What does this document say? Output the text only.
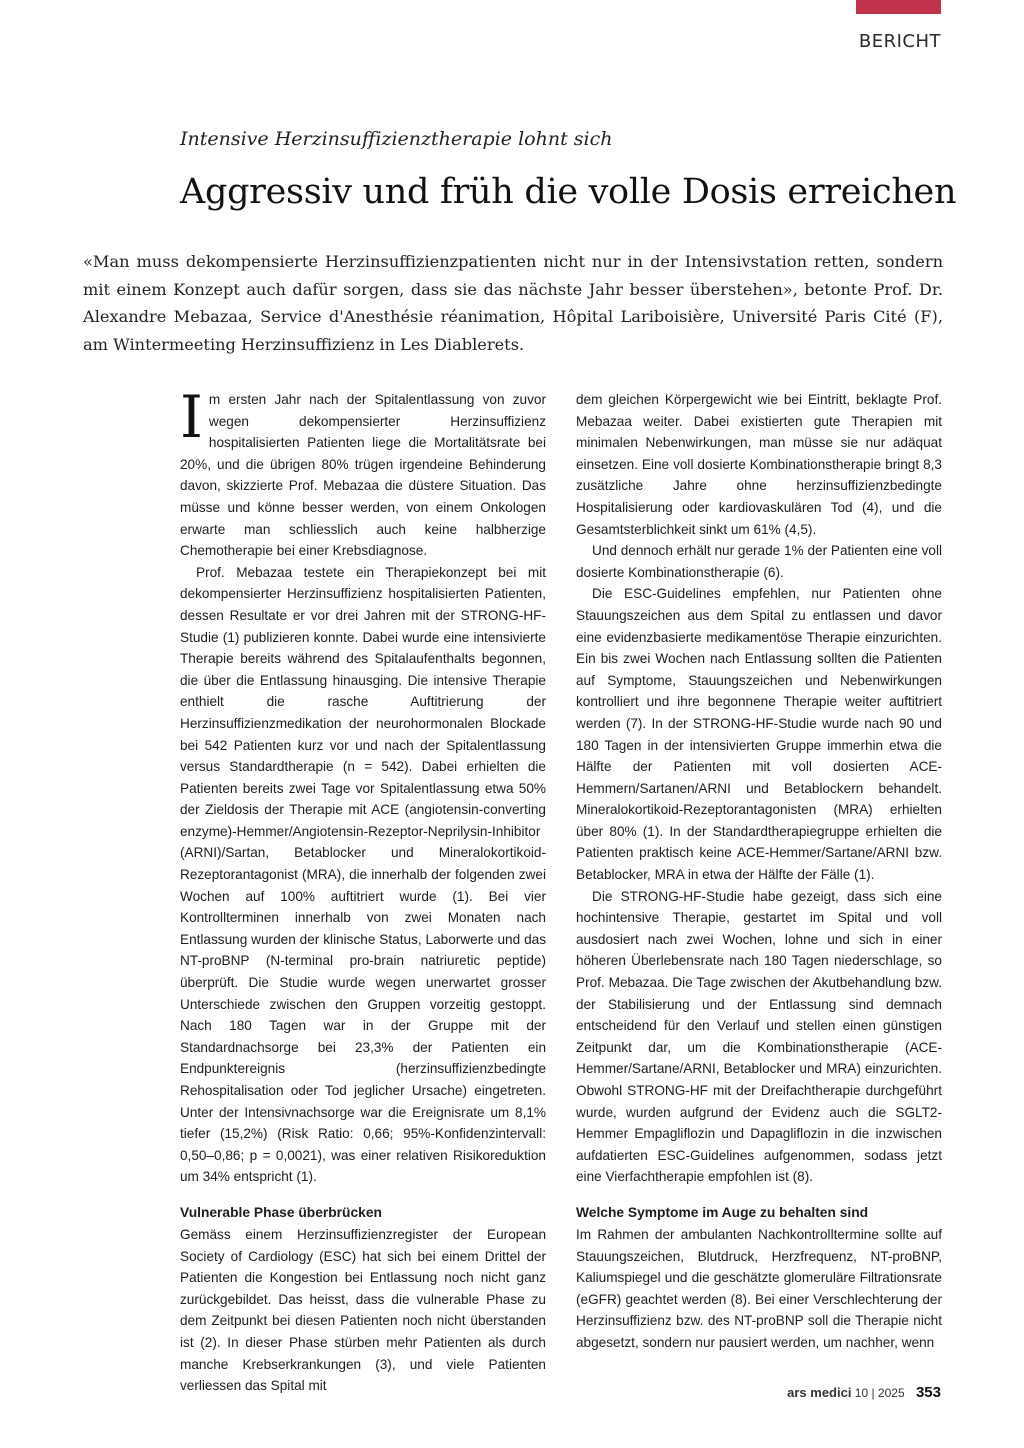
BERICHT
Intensive Herzinsuffizienztherapie lohnt sich
Aggressiv und früh die volle Dosis erreichen

«Man muss dekompensierte Herzinsuffizienzpatienten nicht nur in der Intensivstation retten, sondern mit einem Konzept auch dafür sorgen, dass sie das nächste Jahr besser überstehen», betonte Prof. Dr. Alexandre Mebazaa, Service d'Anesthésie réanimation, Hôpital Lariboisière, Université Paris Cité (F), am Wintermeeting Herzinsuffizienz in Les Diablerets.

Im ersten Jahr nach der Spitalentlassung von zuvor wegen dekompensierter Herzinsuffizienz hospitalisierten Patienten liege die Mortalitätsrate bei 20%, und die übrigen 80% trügen irgendeine Behinderung davon, skizzierte Prof. Mebazaa die düstere Situation. Das müsse und könne besser werden, von einem Onkologen erwarte man schliesslich auch keine halbherzige Chemotherapie bei einer Krebsdiagnose.

Prof. Mebazaa testete ein Therapiekonzept bei mit dekompensierter Herzinsuffizienz hospitalisierten Patienten, dessen Resultate er vor drei Jahren mit der STRONG-HF-Studie (1) publizieren konnte. Dabei wurde eine intensivierte Therapie bereits während des Spitalaufenthalts begonnen, die über die Entlassung hinausging. Die intensive Therapie enthielt die rasche Auftitrierung der Herzinsuffizienzmedikation der neurohormonalen Blockade bei 542 Patienten kurz vor und nach der Spitalentlassung versus Standardtherapie (n = 542). Dabei erhielten die Patienten bereits zwei Tage vor Spitalentlassung etwa 50% der Zieldosis der Therapie mit ACE (angiotensin-converting enzyme)-Hemmer/Angiotensin-Rezeptor-Neprilysin-Inhibitor (ARNI)/Sartan, Betablocker und Mineralokortikoid-Rezeptorantagonist (MRA), die innerhalb der folgenden zwei Wochen auf 100% auftitriert wurde (1). Bei vier Kontrollterminen innerhalb von zwei Monaten nach Entlassung wurden der klinische Status, Laborwerte und das NT-proBNP (N-terminal pro-brain natriuretic peptide) überprüft. Die Studie wurde wegen unerwartet grosser Unterschiede zwischen den Gruppen vorzeitig gestoppt. Nach 180 Tagen war in der Gruppe mit der Standardnachsorge bei 23,3% der Patienten ein Endpunktereignis (herzinsuffizienzbedingte Rehospitalisation oder Tod jeglicher Ursache) eingetreten. Unter der Intensivnachsorge war die Ereignisrate um 8,1% tiefer (15,2%) (Risk Ratio: 0,66; 95%-Konfidenzintervall: 0,50–0,86; p = 0,0021), was einer relativen Risikoreduktion um 34% entspricht (1).

Vulnerable Phase überbrücken

Gemäss einem Herzinsuffizienzregister der European Society of Cardiology (ESC) hat sich bei einem Drittel der Patienten die Kongestion bei Entlassung noch nicht ganz zurückgebildet. Das heisst, dass die vulnerable Phase zu dem Zeitpunkt bei diesen Patienten noch nicht überstanden ist (2). In dieser Phase stürben mehr Patienten als durch manche Krebserkrankungen (3), und viele Patienten verliessen das Spital mit

dem gleichen Körpergewicht wie bei Eintritt, beklagte Prof. Mebazaa weiter. Dabei existierten gute Therapien mit minimalen Nebenwirkungen, man müsse sie nur adäquat einsetzen. Eine voll dosierte Kombinationstherapie bringt 8,3 zusätzliche Jahre ohne herzinsuffizienzbedingte Hospitalisierung oder kardiovaskulären Tod (4), und die Gesamtsterblichkeit sinkt um 61% (4,5).

Und dennoch erhält nur gerade 1% der Patienten eine voll dosierte Kombinationstherapie (6).

Die ESC-Guidelines empfehlen, nur Patienten ohne Stauungszeichen aus dem Spital zu entlassen und davor eine evidenzbasierte medikamentöse Therapie einzurichten. Ein bis zwei Wochen nach Entlassung sollten die Patienten auf Symptome, Stauungszeichen und Nebenwirkungen kontrolliert und ihre begonnene Therapie weiter auftitriert werden (7). In der STRONG-HF-Studie wurde nach 90 und 180 Tagen in der intensivierten Gruppe immerhin etwa die Hälfte der Patienten mit voll dosierten ACE-Hemmern/Sartanen/ARNI und Betablockern behandelt. Mineralokortikoid-Rezeptorantagonisten (MRA) erhielten über 80% (1). In der Standardtherapiegruppe erhielten die Patienten praktisch keine ACE-Hemmer/Sartane/ARNI bzw. Betablocker, MRA in etwa der Hälfte der Fälle (1).

Die STRONG-HF-Studie habe gezeigt, dass sich eine hochintensive Therapie, gestartet im Spital und voll ausdosiert nach zwei Wochen, lohne und sich in einer höheren Überlebensrate nach 180 Tagen niederschlage, so Prof. Mebazaa. Die Tage zwischen der Akutbehandlung bzw. der Stabilisierung und der Entlassung sind demnach entscheidend für den Verlauf und stellen einen günstigen Zeitpunkt dar, um die Kombinationstherapie (ACE-Hemmer/Sartane/ARNI, Betablocker und MRA) einzurichten. Obwohl STRONG-HF mit der Dreifachtherapie durchgeführt wurde, wurden aufgrund der Evidenz auch die SGLT2-Hemmer Empagliflozin und Dapagliflozin in die inzwischen aufdatierten ESC-Guidelines aufgenommen, sodass jetzt eine Vierfachtherapie empfohlen ist (8).

Welche Symptome im Auge zu behalten sind

Im Rahmen der ambulanten Nachkontrolltermine sollte auf Stauungszeichen, Blutdruck, Herzfrequenz, NT-proBNP, Kaliumspiegel und die geschätzte glomeruläre Filtrationsrate (eGFR) geachtet werden (8). Bei einer Verschlechterung der Herzinsuffizienz bzw. des NT-proBNP soll die Therapie nicht abgesetzt, sondern nur pausiert werden, um nachher, wenn

ars medici 10 | 2025 353
